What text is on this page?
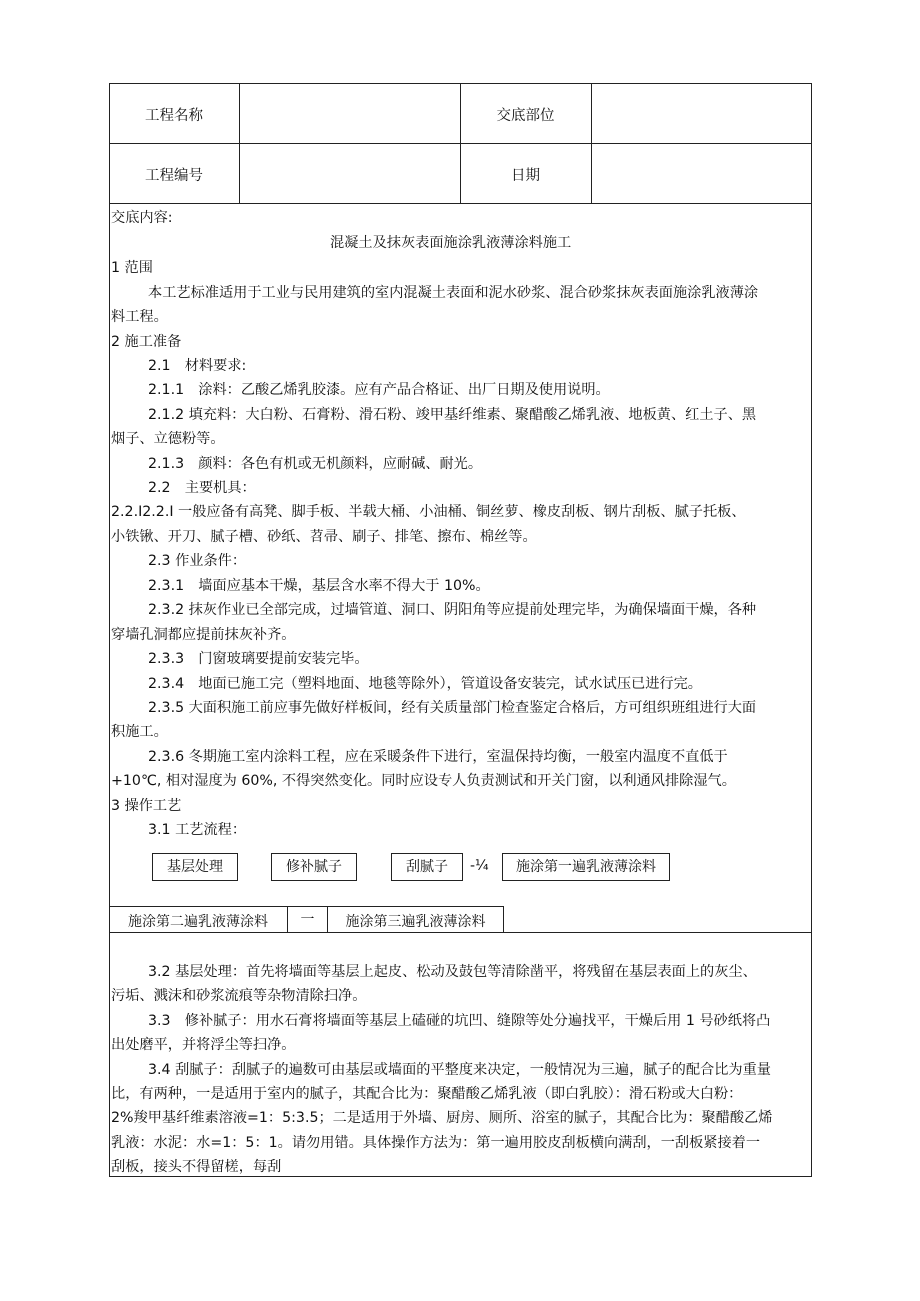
工程名称	交底部位
工程编号	日期
交底内容:
混凝土及抹灰表面施涂乳液薄涂料施工
1 范围
本工艺标准适用于工业与民用建筑的室内混凝土表面和泥水砂浆、混合砂浆抹灰表面施涂乳液薄涂
料工程。
2 施工准备
2.1　材料要求:
2.1.1　涂料：乙酸乙烯乳胶漆。应有产品合格证、出厂日期及使用说明。
2.1.2 填充料：大白粉、石膏粉、滑石粉、竣甲基纤维素、聚醋酸乙烯乳液、地板黄、红土子、黑
烟子、立德粉等。
2.1.3　颜料：各色有机或无机颜料，应耐碱、耐光。
2.2　主要机具：
2.2.I2.2.I 一般应备有高凳、脚手板、半载大桶、小油桶、铜丝萝、橡皮刮板、钢片刮板、腻子托板、
小铁锹、开刀、腻子槽、砂纸、苕帚、刷子、排笔、擦布、棉丝等。
2.3 作业条件：
2.3.1　墙面应基本干燥，基层含水率不得大于 10%。
2.3.2 抹灰作业已全部完成，过墙管道、洞口、阴阳角等应提前处理完毕，为确保墙面干燥，各种
穿墙孔洞都应提前抹灰补齐。
2.3.3　门窗玻璃要提前安装完毕。
2.3.4　地面已施工完（塑料地面、地毯等除外），管道设备安装完，试水试压已进行完。
2.3.5 大面积施工前应事先做好样板间，经有关质量部门检查鉴定合格后，方可组织班组进行大面
积施工。
2.3.6 冬期施工室内涂料工程，应在采暖条件下进行，室温保持均衡，一般室内温度不直低于
+10℃, 相对湿度为 60%, 不得突然变化。同时应设专人负责测试和开关门窗，以利通风排除湿气。
3 操作工艺
3.1 工艺流程：
基层处理	修补腻子	刮腻子	-¼	施涂第一遍乳液薄涂料
施涂第二遍乳液薄涂料	一	施涂第三遍乳液薄涂料
3.2 基层处理：首先将墙面等基层上起皮、松动及鼓包等清除凿平，将残留在基层表面上的灰尘、
污垢、溅沫和砂浆流痕等杂物清除扫净。
3.3　修补腻子：用水石膏将墙面等基层上磕碰的坑凹、缝隙等处分遍找平，干燥后用 1 号砂纸将凸
出处磨平，并将浮尘等扫净。
3.4 刮腻子：刮腻子的遍数可由基层或墙面的平整度来决定，一般情况为三遍，腻子的配合比为重量
比，有两种，一是适用于室内的腻子，其配合比为：聚醋酸乙烯乳液（即白乳胶）：滑石粉或大白粉：
2%羧甲基纤维素溶液=1：5:3.5；二是适用于外墙、厨房、厕所、浴室的腻子，其配合比为：聚醋酸乙烯
乳液：水泥：水=1：5：1。请勿用错。具体操作方法为：第一遍用胶皮刮板横向满刮，一刮板紧接着一
刮板，接头不得留槎，每刮
